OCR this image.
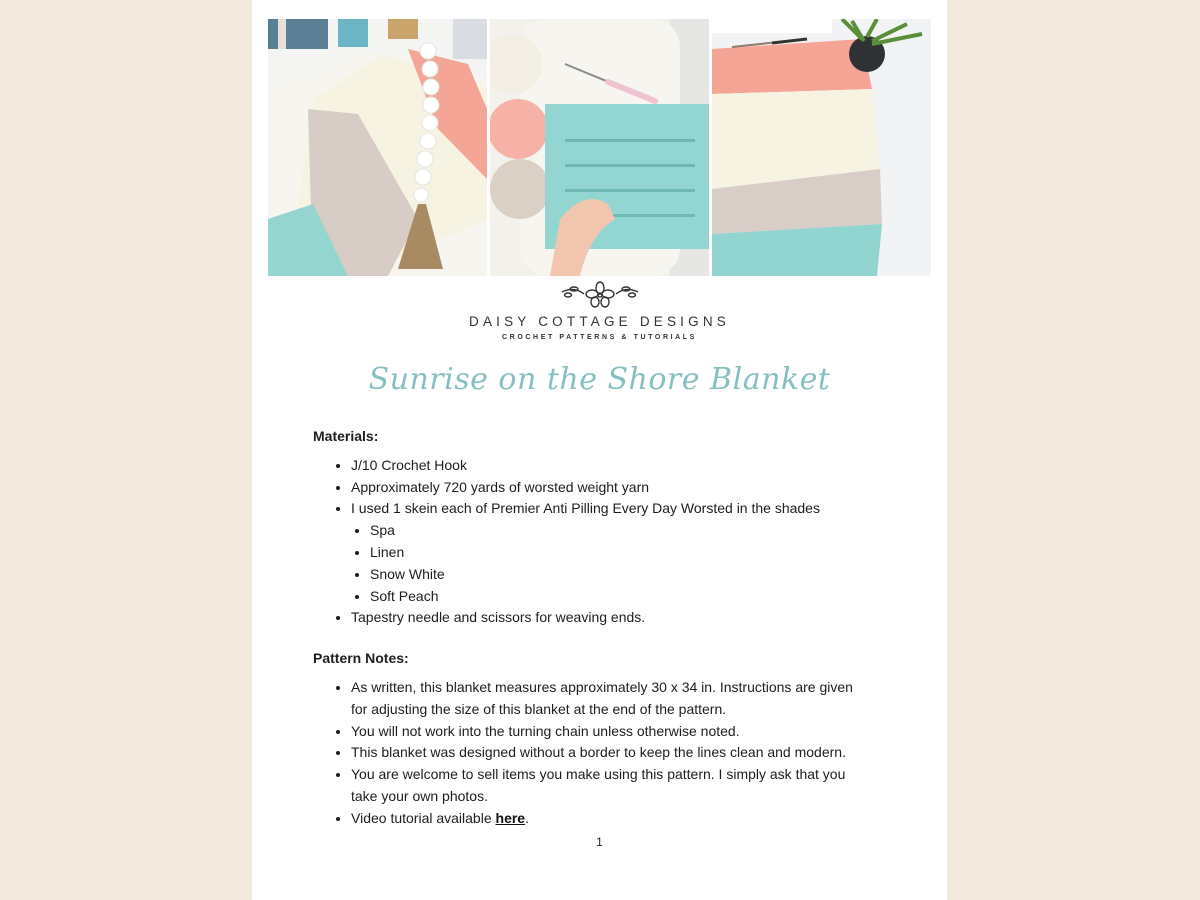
DAISY COTTAGE DESIGNS
CROCHET PATTERNS & TUTORIALS
Sunrise on the Shore Blanket

Materials:

• J/10 Crochet Hook
• Approximately 720 yards of worsted weight yarn
• I used 1 skein each of Premier Anti Pilling Every Day Worsted in the shades
• Spa
• Linen
• Snow White
• Soft Peach
• Tapestry needle and scissors for weaving ends.

Pattern Notes:

• As written, this blanket measures approximately 30 x 34 in. Instructions are given for adjusting the size of this blanket at the end of the pattern.
• You will not work into the turning chain unless otherwise noted.
• This blanket was designed without a border to keep the lines clean and modern.
• You are welcome to sell items you make using this pattern. I simply ask that you take your own photos.
• Video tutorial available here.
1
